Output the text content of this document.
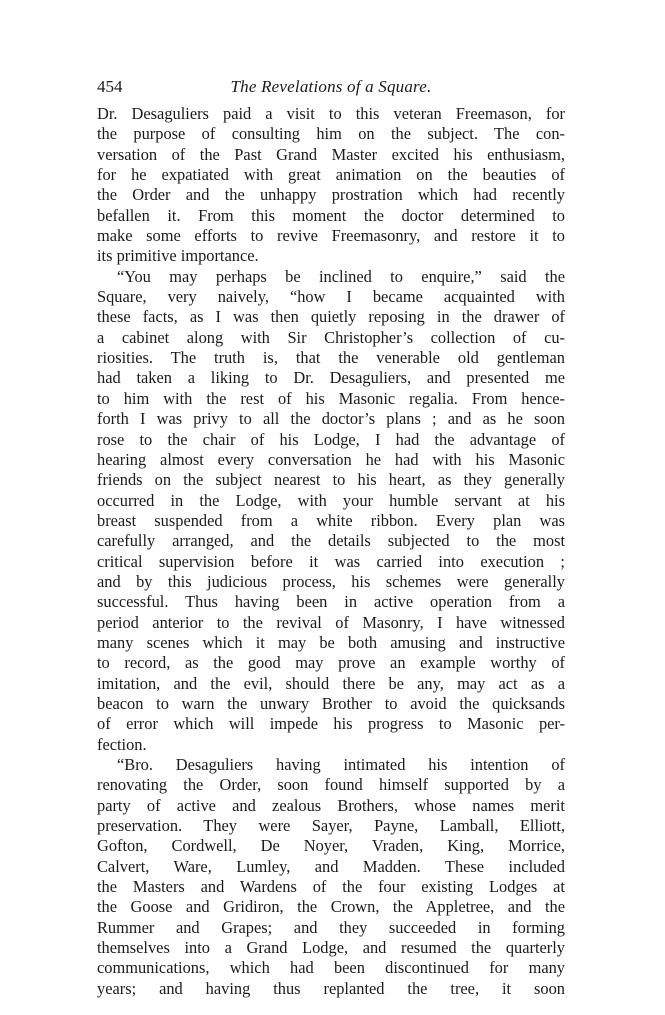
454	The Revelations of a Square.

Dr. Desaguliers paid a visit to this veteran Freemason, for
the purpose of consulting him on the subject. The con-
versation of the Past Grand Master excited his enthusiasm,
for he expatiated with great animation on the beauties of
the Order and the unhappy prostration which had recently
befallen it. From this moment the doctor determined to
make some efforts to revive Freemasonry, and restore it to
its primitive importance.

“You may perhaps be inclined to enquire,” said the
Square, very naively, “how I became acquainted with
these facts, as I was then quietly reposing in the drawer of
a cabinet along with Sir Christopher’s collection of cu-
riosities. The truth is, that the venerable old gentleman
had taken a liking to Dr. Desaguliers, and presented me
to him with the rest of his Masonic regalia. From hence-
forth I was privy to all the doctor’s plans ; and as he soon
rose to the chair of his Lodge, I had the advantage of
hearing almost every conversation he had with his Masonic
friends on the subject nearest to his heart, as they generally
occurred in the Lodge, with your humble servant at his
breast suspended from a white ribbon. Every plan was
carefully arranged, and the details subjected to the most
critical supervision before it was carried into execution ;
and by this judicious process, his schemes were generally
successful. Thus having been in active operation from a
period anterior to the revival of Masonry, I have witnessed
many scenes which it may be both amusing and instructive
to record, as the good may prove an example worthy of
imitation, and the evil, should there be any, may act as a
beacon to warn the unwary Brother to avoid the quicksands
of error which will impede his progress to Masonic per-
fection.

“Bro. Desaguliers having intimated his intention of
renovating the Order, soon found himself supported by a
party of active and zealous Brothers, whose names merit
preservation. They were Sayer, Payne, Lamball, Elliott,
Gofton, Cordwell, De Noyer, Vraden, King, Morrice,
Calvert, Ware, Lumley, and Madden. These included
the Masters and Wardens of the four existing Lodges at
the Goose and Gridiron, the Crown, the Appletree, and the
Rummer and Grapes; and they succeeded in forming
themselves into a Grand Lodge, and resumed the quarterly
communications, which had been discontinued for many
years; and having thus replanted the tree, it soon
